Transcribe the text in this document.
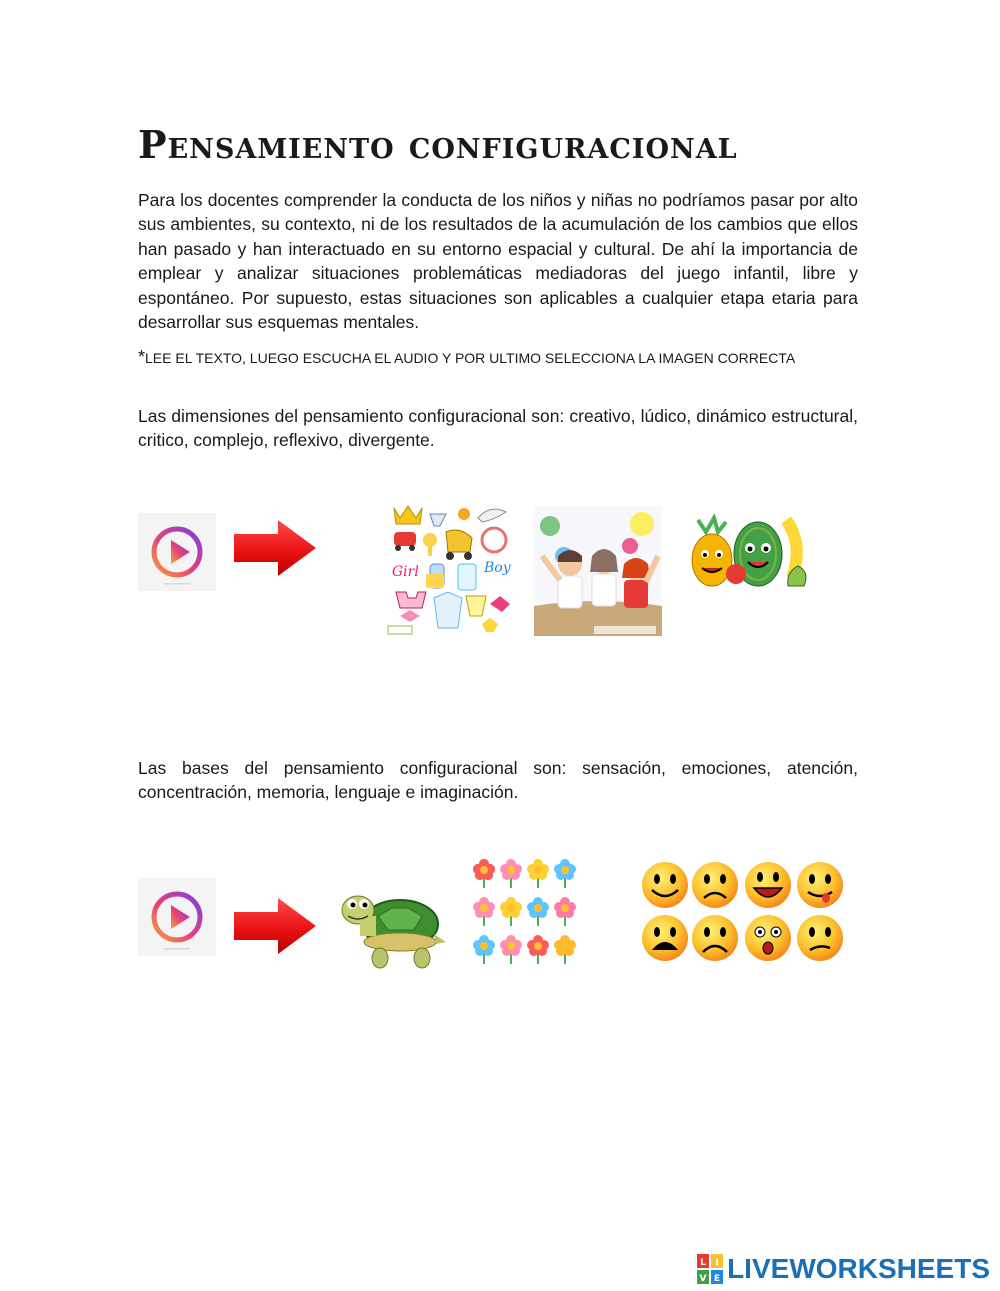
Pensamiento configuracional

Para los docentes comprender la conducta de los niños y niñas no podríamos pasar por alto sus ambientes, su contexto, ni de los resultados de la acumulación de los cambios que ellos han pasado y han interactuado en su entorno espacial y cultural. De ahí la importancia de emplear y analizar situaciones problemáticas mediadoras del juego infantil, libre y espontáneo. Por supuesto, estas situaciones son aplicables a cualquier etapa etaria para desarrollar sus esquemas mentales.

*LEE EL TEXTO, LUEGO ESCUCHA EL AUDIO Y POR ULTIMO SELECCIONA LA IMAGEN CORRECTA

Las dimensiones del pensamiento configuracional son: creativo, lúdico, dinámico estructural, critico, complejo, reflexivo, divergente.

Girl	Boy

Las bases del pensamiento configuracional son: sensación, emociones, atención, concentración, memoria, lenguaje e imaginación.

L I
V E LIVEWORKSHEETS
